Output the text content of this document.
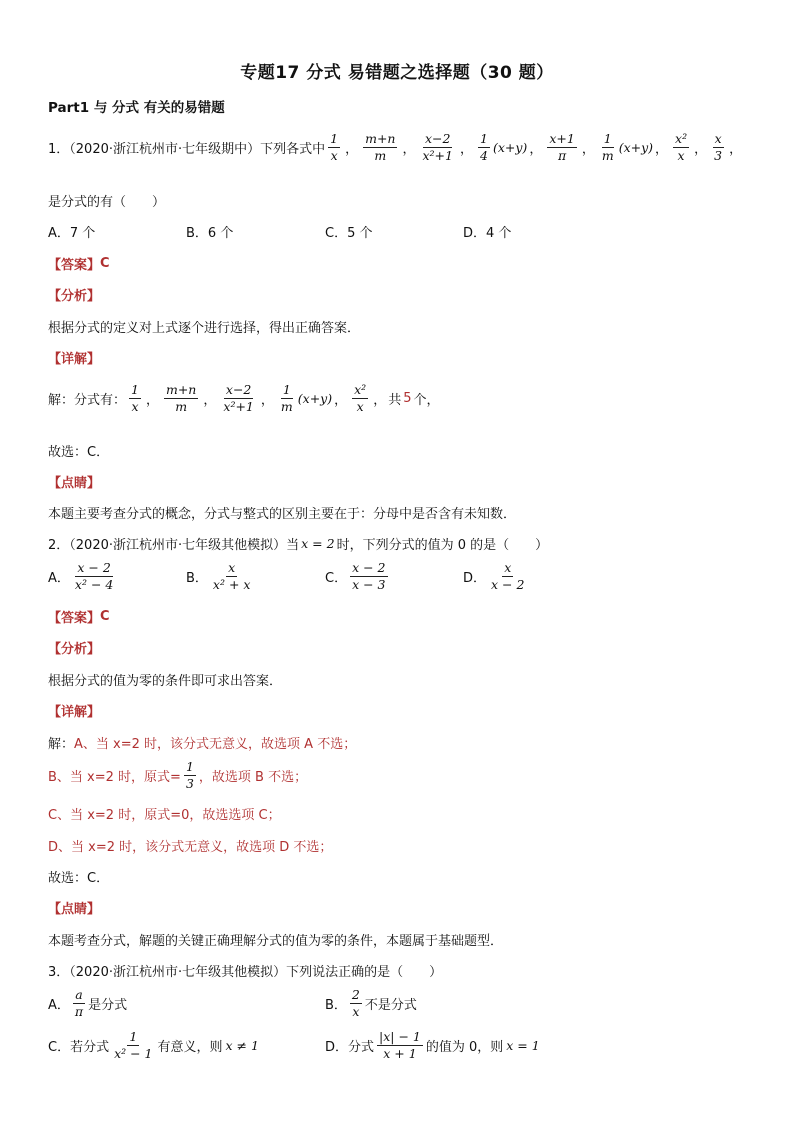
专题17 分式 易错题之选择题（30 题）
Part1 与 分式 有关的易错题
1．（2020·浙江杭州市·七年级期中）下列各式中 $\frac{1}{x}$ ， $\frac{m+n}{m}$ ， $\frac{x-2}{\text{x²+1}}$ ， $\frac{1}{4} (x+y)$ ， $\frac{x+1}{\pi}$ ， $\frac{1}{m} (x+y)$ ， $\frac{\text{x²}}{x}$ ， $\frac{x}{3}$ ，
是分式的有（　　）
A．7 个	B．6 个	C．5 个	D．4 个
【答案】 C
【分析】
根据分式的定义对上式逐个进行选择，得出正确答案．
【详解】
解：分式有： $\frac{1}{x}$ ， $\frac{m+n}{m}$ ， $\frac{x-2}{\text{x²+1}}$ ， $\frac{1}{m} (x+y)$ ， $\frac{\text{x²}}{x}$ ， 共 5 个，
故选：C．
【点睛】
本题主要考查分式的概念，分式与整式的区别主要在于：分母中是否含有未知数．
2．（2020·浙江杭州市·七年级其他模拟）当 x = 2 时，下列分式的值为 0 的是（　　）
A． $\frac{x - 2}{\text{x² − 4}}$	B． $\frac{x}{\text{x² + x}}$	C． $\frac{x - 2}{x - 3}$	D． $\frac{x}{x - 2}$
【答案】 C
【分析】
根据分式的值为零的条件即可求出答案．
【详解】
解： A、当 x=2 时，该分式无意义，故选项 A 不选；
B、当 x=2 时，原式= $\frac{1}{3}$ ，故选项 B 不选；
C、当 x=2 时，原式=0，故选选项 C；
D、当 x=2 时，该分式无意义，故选项 D 不选；
故选：C．
【点睛】
本题考查分式，解题的关键正确理解分式的值为零的条件，本题属于基础题型．
3．（2020·浙江杭州市·七年级其他模拟）下列说法正确的是（　　）
A． $\frac{a}{\pi}$ 是分式	B． $\frac{2}{x}$ 不是分式
C．若分式 $\frac{1}{\text{x² − 1}}$ 有意义，则 x ≠ 1	D．分式 $\frac{|x| - 1}{x + 1}$ 的值为 0，则 x = 1
